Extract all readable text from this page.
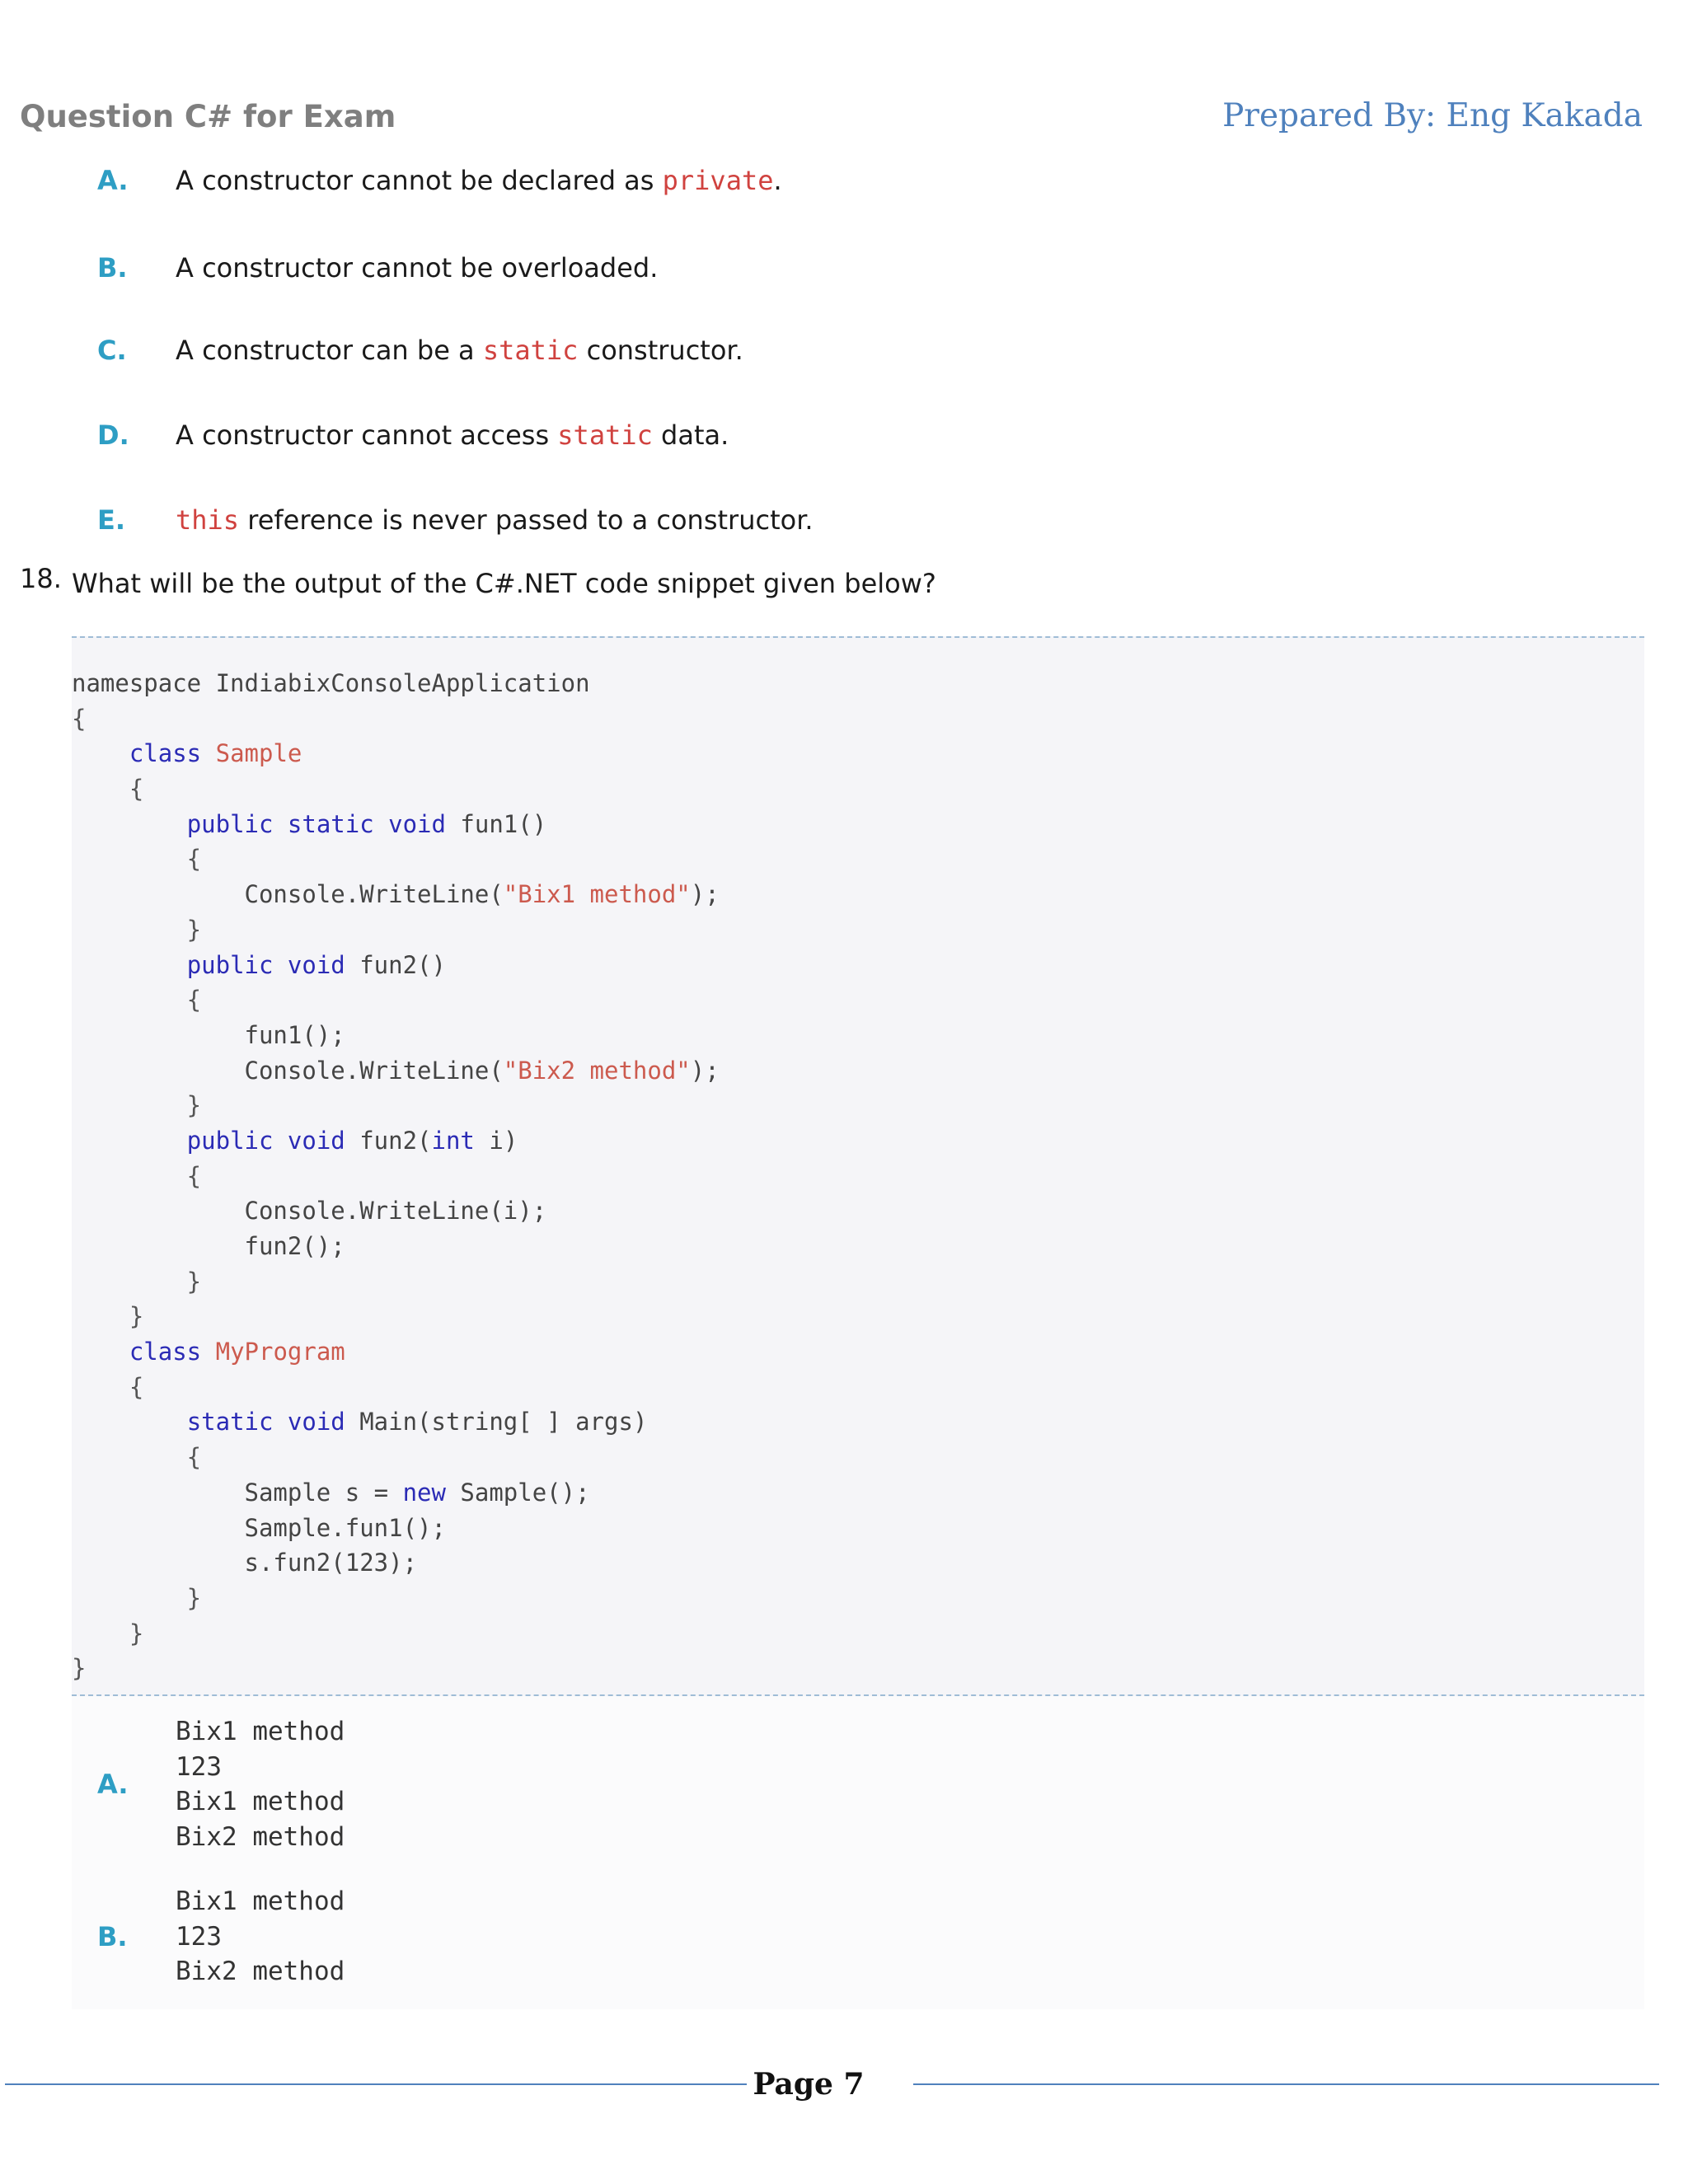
Question C# for Exam	Prepared By: Eng Kakada

A.	A constructor cannot be declared as private.
B.	A constructor cannot be overloaded.
C.	A constructor can be a static constructor.
D.	A constructor cannot access static data.
E.	this reference is never passed to a constructor.
18. What will be the output of the C#.NET code snippet given below?
namespace IndiabixConsoleApplication
{
class Sample
{
public static void fun1()
{
Console.WriteLine("Bix1 method");
}
public void fun2()
{
fun1();
Console.WriteLine("Bix2 method");
}
public void fun2(int i)
{
Console.WriteLine(i);
fun2();
}
}
class MyProgram
{
static void Main(string[ ] args)
{
Sample s = new Sample();
Sample.fun1();
s.fun2(123);
}
}
}
A.
Bix1 method
123
Bix1 method
Bix2 method
B.
Bix1 method
123
Bix2 method
Page 7
